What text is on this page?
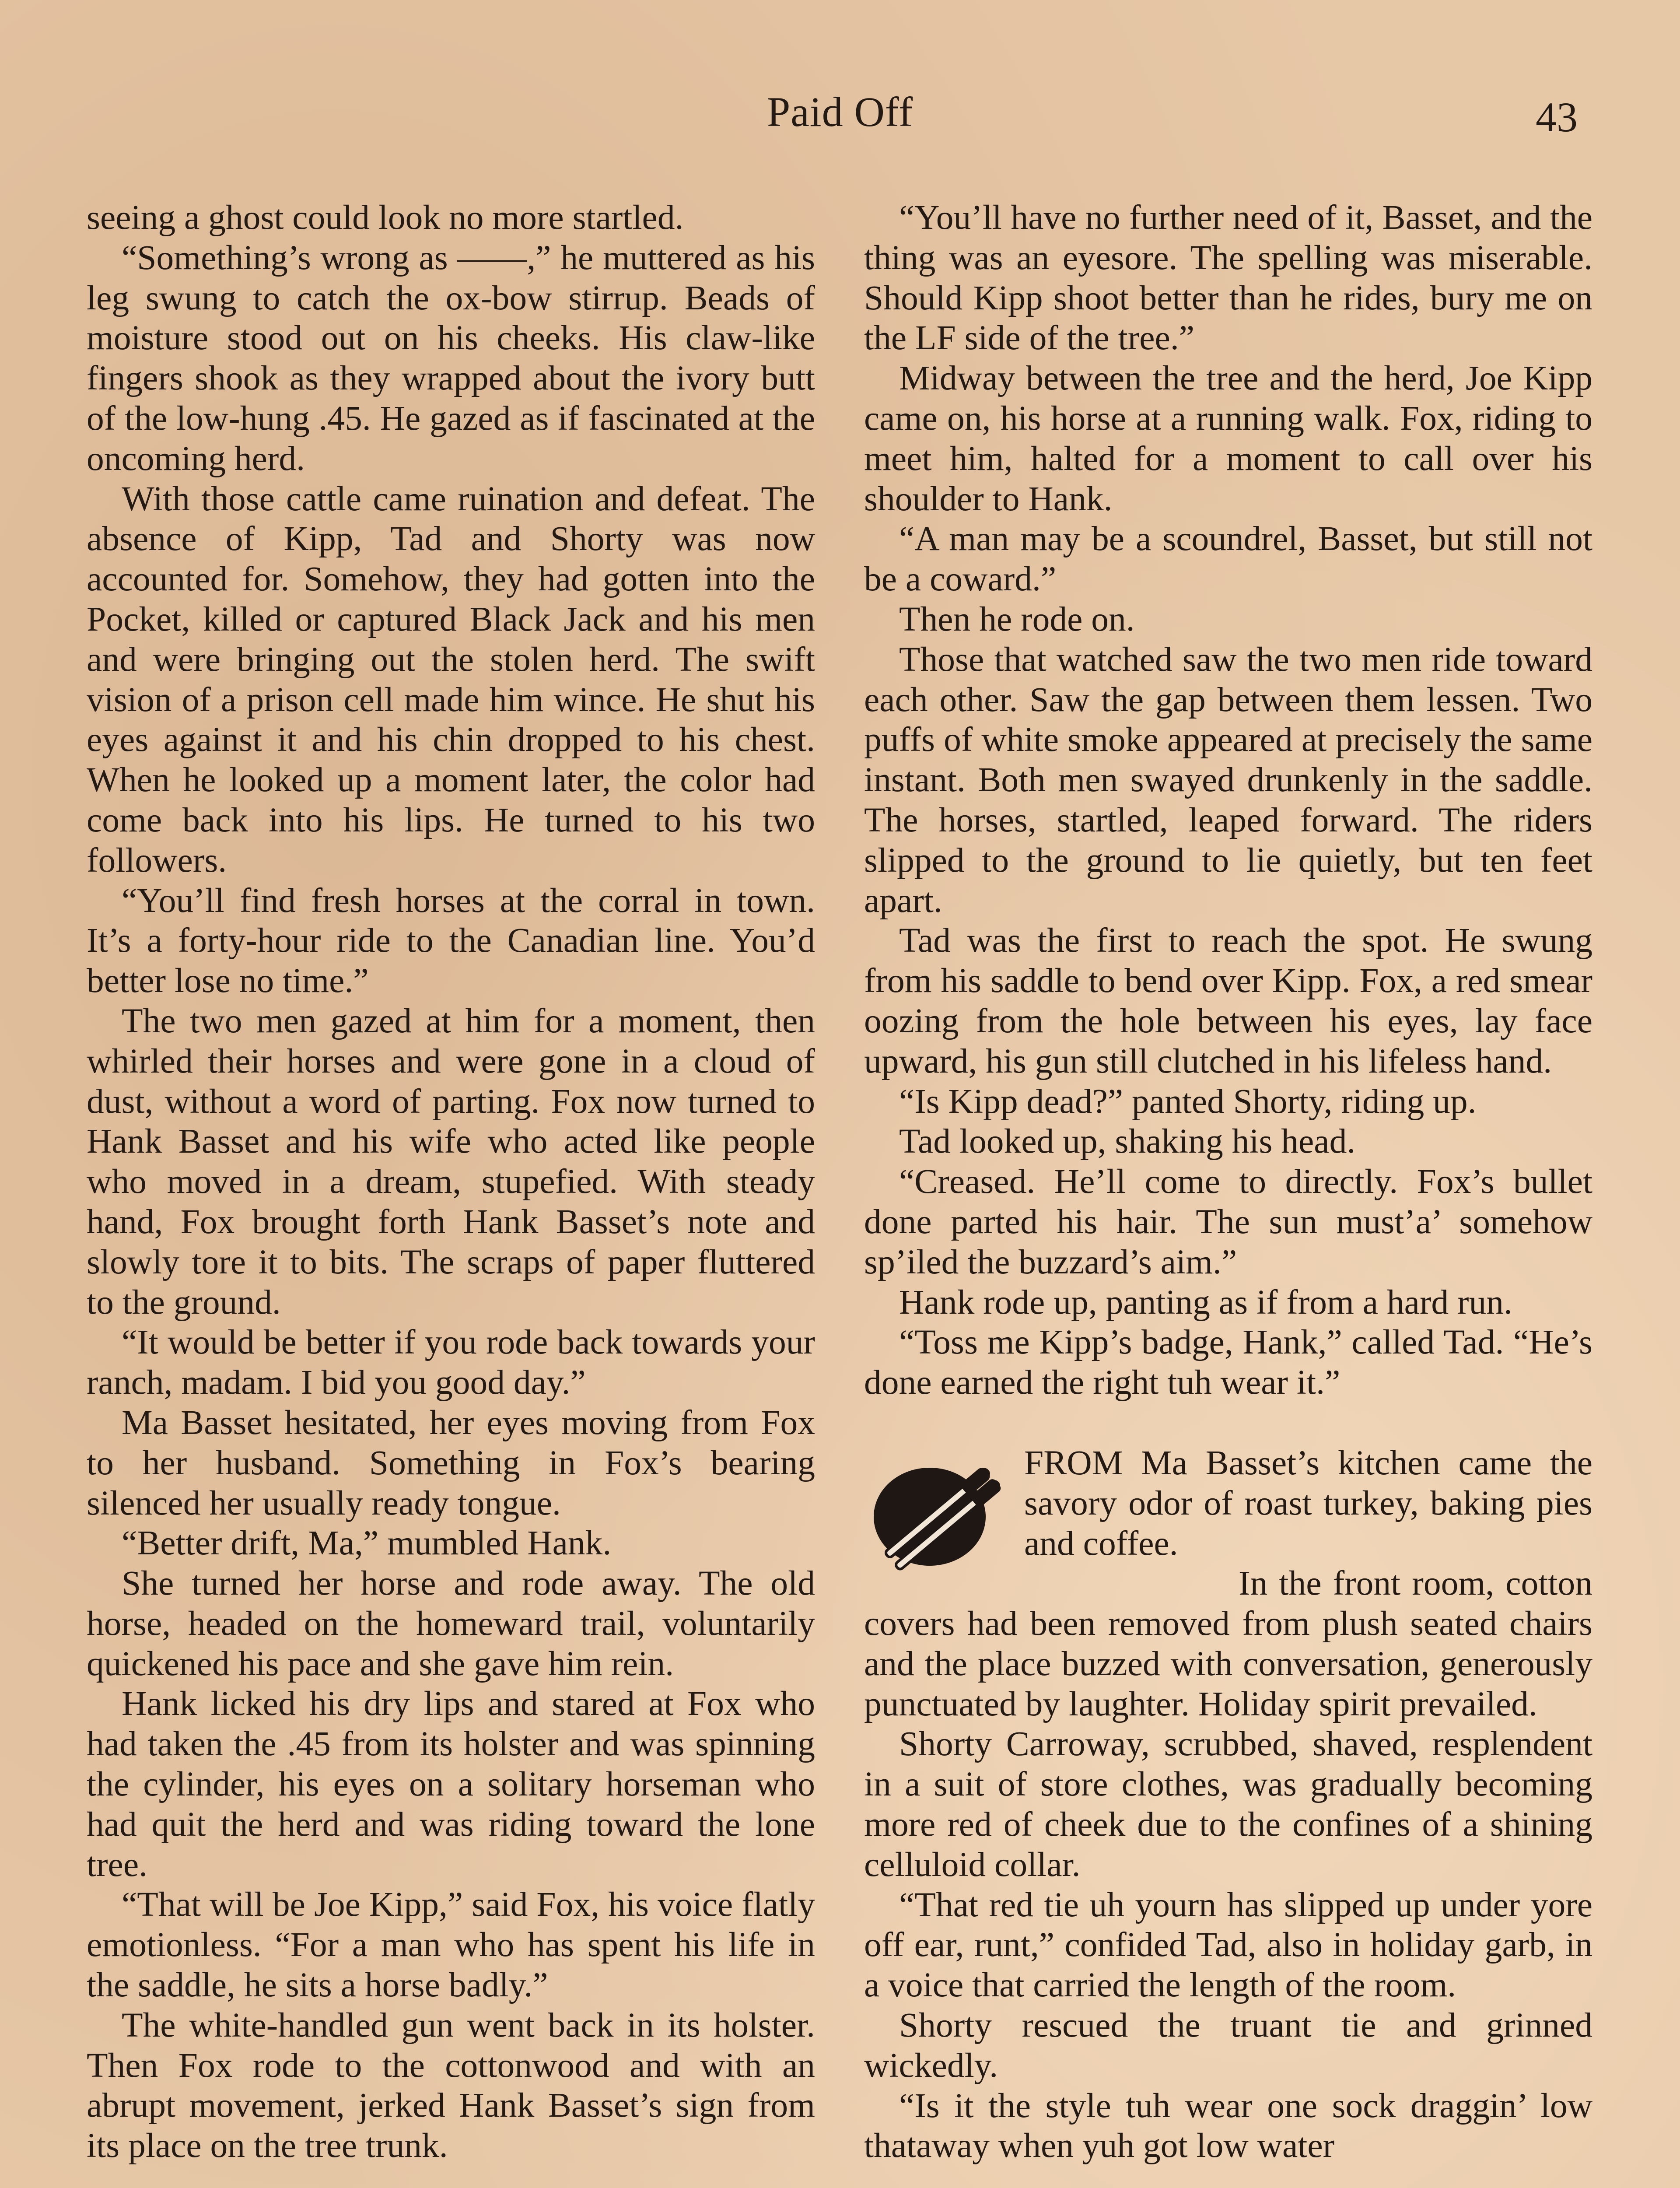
Paid Off	43

seeing a ghost could look no more startled.

“Something’s wrong as ——,” he muttered as his leg swung to catch the ox-bow stirrup. Beads of moisture stood out on his cheeks. His claw-like fingers shook as they wrapped about the ivory butt of the low-hung .45. He gazed as if fascinated at the oncoming herd.

With those cattle came ruination and defeat. The absence of Kipp, Tad and Shorty was now accounted for. Somehow, they had gotten into the Pocket, killed or captured Black Jack and his men and were bringing out the stolen herd. The swift vision of a prison cell made him wince. He shut his eyes against it and his chin dropped to his chest. When he looked up a moment later, the color had come back into his lips. He turned to his two followers.

“You’ll find fresh horses at the corral in town. It’s a forty-hour ride to the Canadian line. You’d better lose no time.”

The two men gazed at him for a moment, then whirled their horses and were gone in a cloud of dust, without a word of parting. Fox now turned to Hank Basset and his wife who acted like people who moved in a dream, stupefied. With steady hand, Fox brought forth Hank Basset’s note and slowly tore it to bits. The scraps of paper fluttered to the ground.

“It would be better if you rode back towards your ranch, madam. I bid you good day.”

Ma Basset hesitated, her eyes moving from Fox to her husband. Something in Fox’s bearing silenced her usually ready tongue.

“Better drift, Ma,” mumbled Hank.

She turned her horse and rode away. The old horse, headed on the homeward trail, voluntarily quickened his pace and she gave him rein.

Hank licked his dry lips and stared at Fox who had taken the .45 from its holster and was spinning the cylinder, his eyes on a solitary horseman who had quit the herd and was riding toward the lone tree.

“That will be Joe Kipp,” said Fox, his voice flatly emotionless. “For a man who has spent his life in the saddle, he sits a horse badly.”

The white-handled gun went back in its holster. Then Fox rode to the cottonwood and with an abrupt movement, jerked Hank Basset’s sign from its place on the tree trunk.

“You’ll have no further need of it, Basset, and the thing was an eyesore. The spelling was miserable. Should Kipp shoot better than he rides, bury me on the LF side of the tree.”

Midway between the tree and the herd, Joe Kipp came on, his horse at a running walk. Fox, riding to meet him, halted for a moment to call over his shoulder to Hank.

“A man may be a scoundrel, Basset, but still not be a coward.”

Then he rode on.

Those that watched saw the two men ride toward each other. Saw the gap between them lessen. Two puffs of white smoke appeared at precisely the same instant. Both men swayed drunkenly in the saddle. The horses, startled, leaped forward. The riders slipped to the ground to lie quietly, but ten feet apart.

Tad was the first to reach the spot. He swung from his saddle to bend over Kipp. Fox, a red smear oozing from the hole between his eyes, lay face upward, his gun still clutched in his lifeless hand.

“Is Kipp dead?” panted Shorty, riding up.

Tad looked up, shaking his head.

“Creased. He’ll come to directly. Fox’s bullet done parted his hair. The sun must’a’ somehow sp’iled the buzzard’s aim.”

Hank rode up, panting as if from a hard run.

“Toss me Kipp’s badge, Hank,” called Tad. “He’s done earned the right tuh wear it.”

FROM Ma Basset’s kitchen came the savory odor of roast turkey, baking pies and coffee.

In the front room, cotton covers had been removed from plush seated chairs and the place buzzed with conversation, generously punctuated by laughter. Holiday spirit prevailed.

Shorty Carroway, scrubbed, shaved, resplendent in a suit of store clothes, was gradually becoming more red of cheek due to the confines of a shining celluloid collar.

“That red tie uh yourn has slipped up under yore off ear, runt,” confided Tad, also in holiday garb, in a voice that carried the length of the room.

Shorty rescued the truant tie and grinned wickedly.

“Is it the style tuh wear one sock draggin’ low thataway when yuh got low water
